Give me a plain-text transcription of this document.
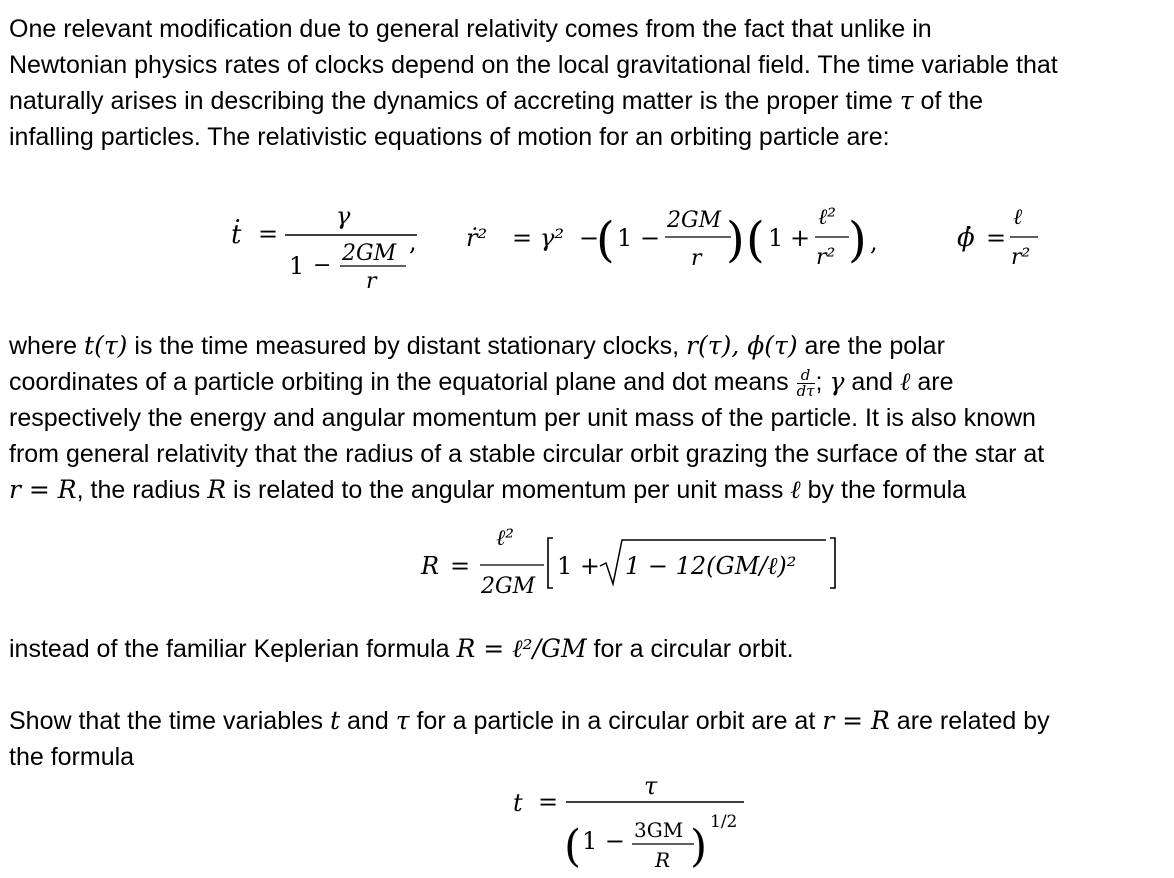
One relevant modification due to general relativity comes from the fact that unlike in
Newtonian physics rates of clocks depend on the local gravitational field. The time variable that
naturally arises in describing the dynamics of accreting matter is the proper time τ of the
infalling particles. The relativistic equations of motion for an orbiting particle are:
ṫ =
γ
1 − 2GM
r
, ṙ² = γ² −
( 1 −
2GM
r ) ( 1 +
ℓ²
r² ) ,	ϕ̇ =
ℓ
r²
where t(τ) is the time measured by distant stationary clocks, r(τ), ϕ(τ) are the polar
coordinates of a particle orbiting in the equatorial plane and dot means $\frac{d}{d\tau}$ ; γ and ℓ are
respectively the energy and angular momentum per unit mass of the particle. It is also known
from general relativity that the radius of a stable circular orbit grazing the surface of the star at
r = R, the radius R is related to the angular momentum per unit mass ℓ by the formula
R =
ℓ²
2GM
1 + 1 − 12(GM/ℓ)²
instead of the familiar Keplerian formula R = ℓ²/GM for a circular orbit.
Show that the time variables t and τ for a particle in a circular orbit are at r = R are related by
the formula
t =
τ
( 1 − 3GM
R ) 1/2
